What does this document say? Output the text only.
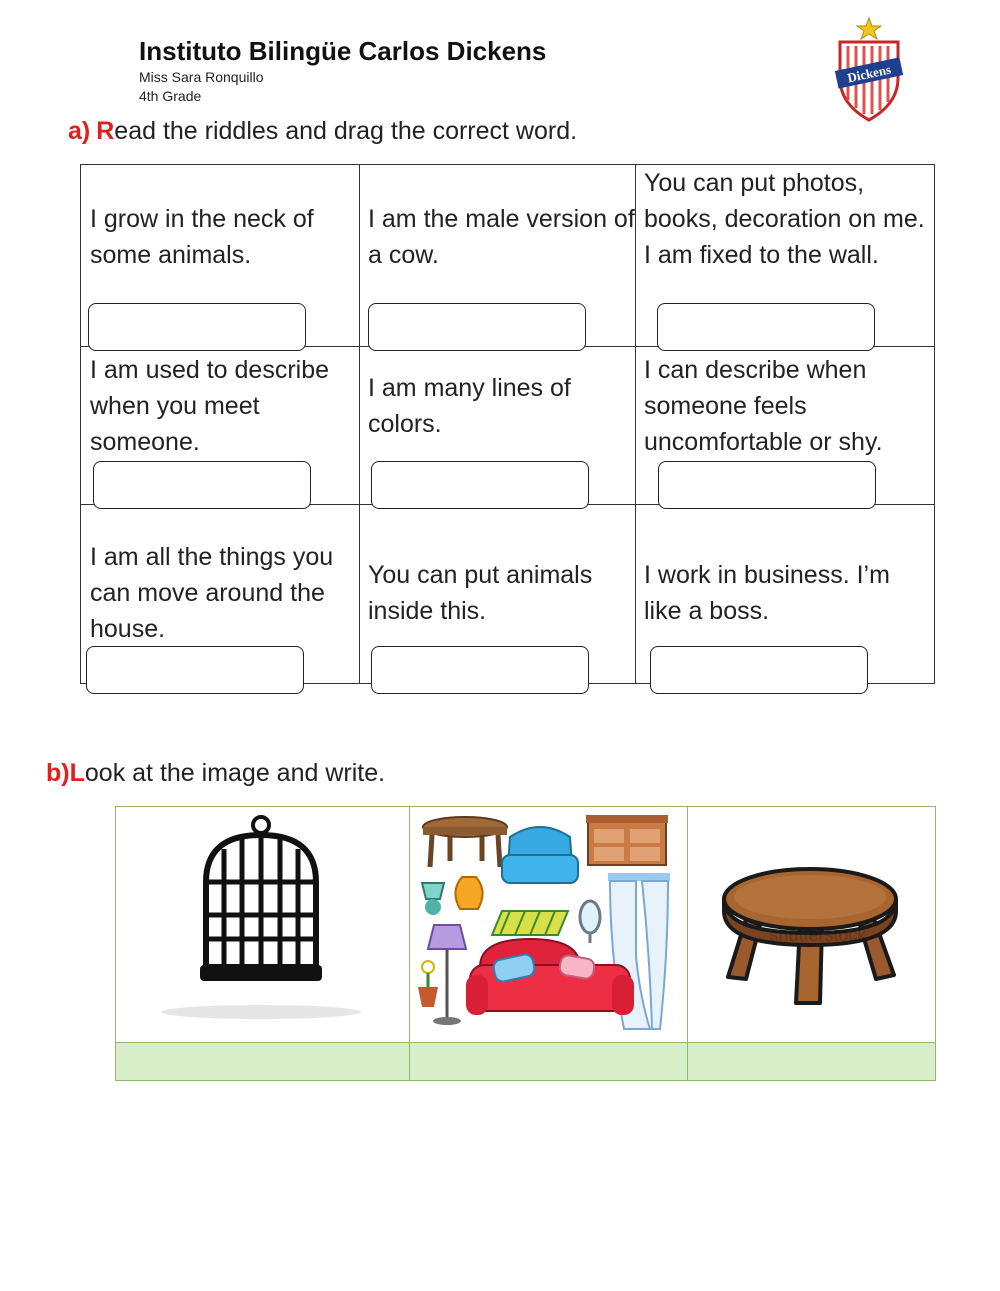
Instituto Bilingüe Carlos Dickens
Miss Sara Ronquillo
4th Grade
Dickens
a) Read the riddles and drag the correct word.
I grow in the neck of some animals.
I am the male version of a cow.
You can put photos, books, decoration on me. I am fixed to the wall.
I am used to describe when you meet someone.
I am many lines of colors.
I can describe when someone feels uncomfortable or shy.
I am all the things you can move around the house.
You can put animals inside this.
I work in business. I’m like a boss.
b)Look at the image and write.
shutterstock
